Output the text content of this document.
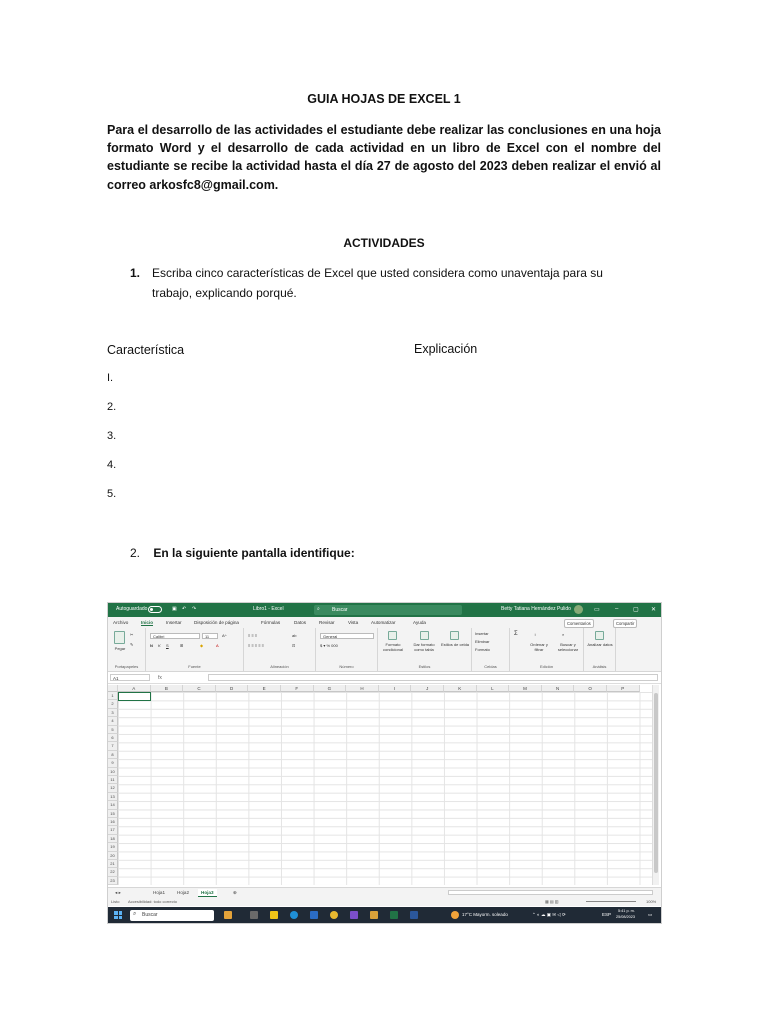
GUIA HOJAS DE EXCEL 1
Para el desarrollo de las actividades el estudiante debe realizar las conclusiones en una hoja formato Word y el desarrollo de cada actividad en un libro de Excel con el nombre del estudiante se recibe la actividad hasta el día 27 de agosto del 2023 deben realizar el envió al correo arkosfc8@gmail.com.
ACTIVIDADES
1. Escriba cinco características de Excel que usted considera como unaventaja para su trabajo, explicando porqué.
Característica	Explicación
I.
2.
3.
4.
5.
2. En la siguiente pantalla identifique:
Autoguardado	▣ ↶ ↷	Libro1 - Excel	⌕ Buscar	Betty Tatiana Hernández Pulido	▭	– ▢ ✕
Archivo	Inicio	Insertar	Disposición de página	Fórmulas	Datos	Revisar	Vista	Automatizar	Ayuda	Comentarios	Compartir
Pegar
✂
✎
Portapapeles
Calibri	11	A^
N K S	⊞	◆	A
Fuente
≡ ≡ ≡
≡ ≡ ≡ ≡ ≡
ab
⊡
Alineación
General
$ ▾ % 000
Número
Formato condicional
Dar formato como tabla
Estilos de celda
Estilos
Insertar
Eliminar
Formato
Celdas
Σ	↕
Ordenar y filtrar
⌕
Buscar y seleccionar
Edición
Analizar datos
Análisis
A1	fx
A	B	C	D	E	F	G	H	I	J	K	L	M	N	O	P
1
2
3
4
5
6
7
8
9
10
11
12
13
14
15
16
17
18
19
20
21
22
23
◂ ▸	Hoja1	Hoja2	Hoja3	⊕
Listo Accesibilidad: todo correcto	▦ ▤ ▥	100%
⌕ Buscar	17°C Mayorm. soleado	⌃ ◐ ☁ ▣ ✉ ◁ ⟳	ESP
5:41 p. m.
25/08/2023	▭
